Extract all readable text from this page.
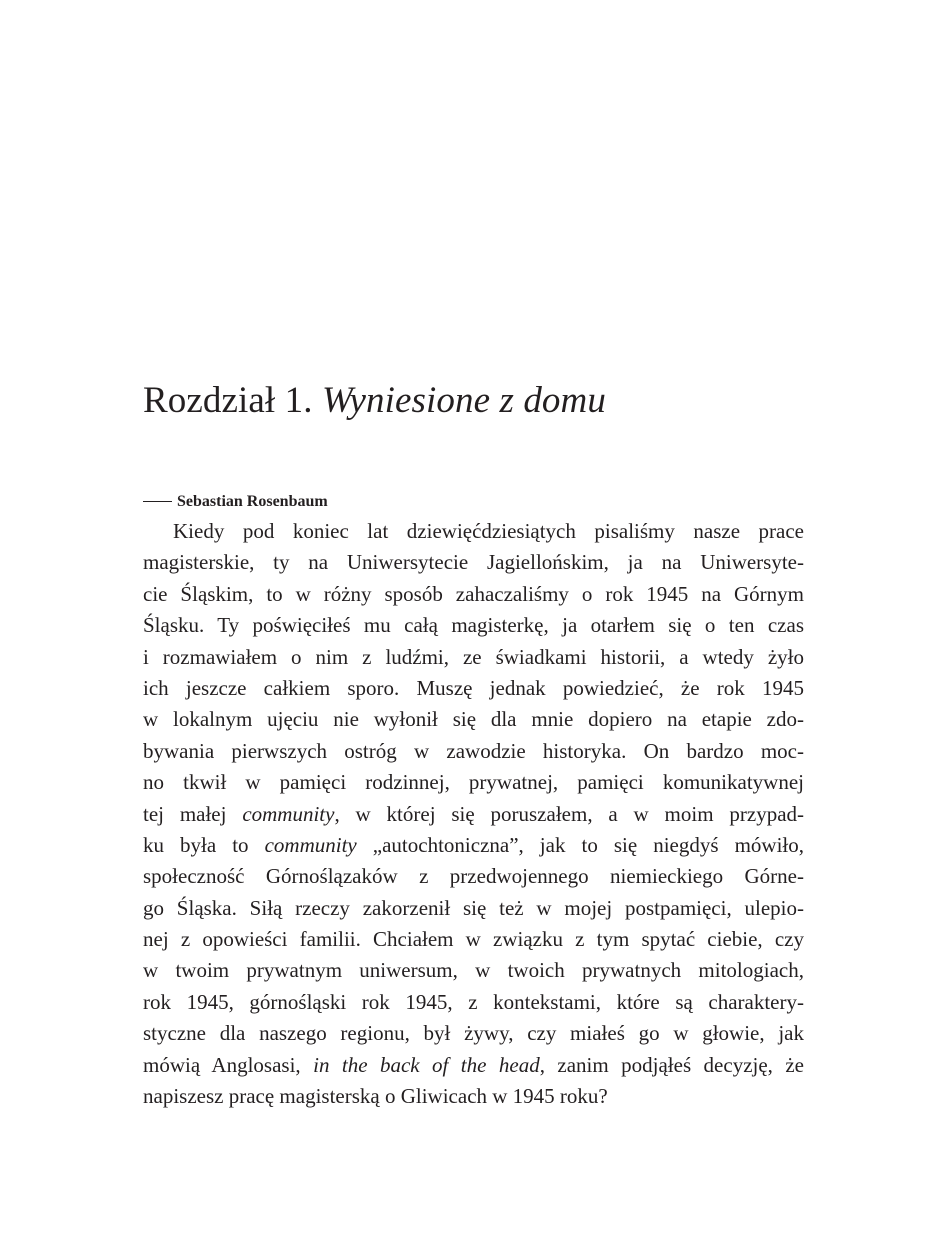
Rozdział 1. Wyniesione z domu
Sebastian Rosenbaum
Kiedy pod koniec lat dziewięćdziesiątych pisaliśmy nasze prace
magisterskie, ty na Uniwersytecie Jagiellońskim, ja na Uniwersyte-
cie Śląskim, to w różny sposób zahaczaliśmy o rok 1945 na Górnym
Śląsku. Ty poświęciłeś mu całą magisterkę, ja otarłem się o ten czas
i rozmawiałem o nim z ludźmi, ze świadkami historii, a wtedy żyło
ich jeszcze całkiem sporo. Muszę jednak powiedzieć, że rok 1945
w lokalnym ujęciu nie wyłonił się dla mnie dopiero na etapie zdo-
bywania pierwszych ostróg w zawodzie historyka. On bardzo moc-
no tkwił w pamięci rodzinnej, prywatnej, pamięci komunikatywnej
tej małej community, w której się poruszałem, a w moim przypad-
ku była to community „autochtoniczna”, jak to się niegdyś mówiło,
społeczność Górnoślązaków z przedwojennego niemieckiego Górne-
go Śląska. Siłą rzeczy zakorzenił się też w mojej postpamięci, ulepio-
nej z opowieści familii. Chciałem w związku z tym spytać ciebie, czy
w twoim prywatnym uniwersum, w twoich prywatnych mitologiach,
rok 1945, górnośląski rok 1945, z kontekstami, które są charaktery-
styczne dla naszego regionu, był żywy, czy miałeś go w głowie, jak
mówią Anglosasi, in the back of the head, zanim podjąłeś decyzję, że
napiszesz pracę magisterską o Gliwicach w 1945 roku?
